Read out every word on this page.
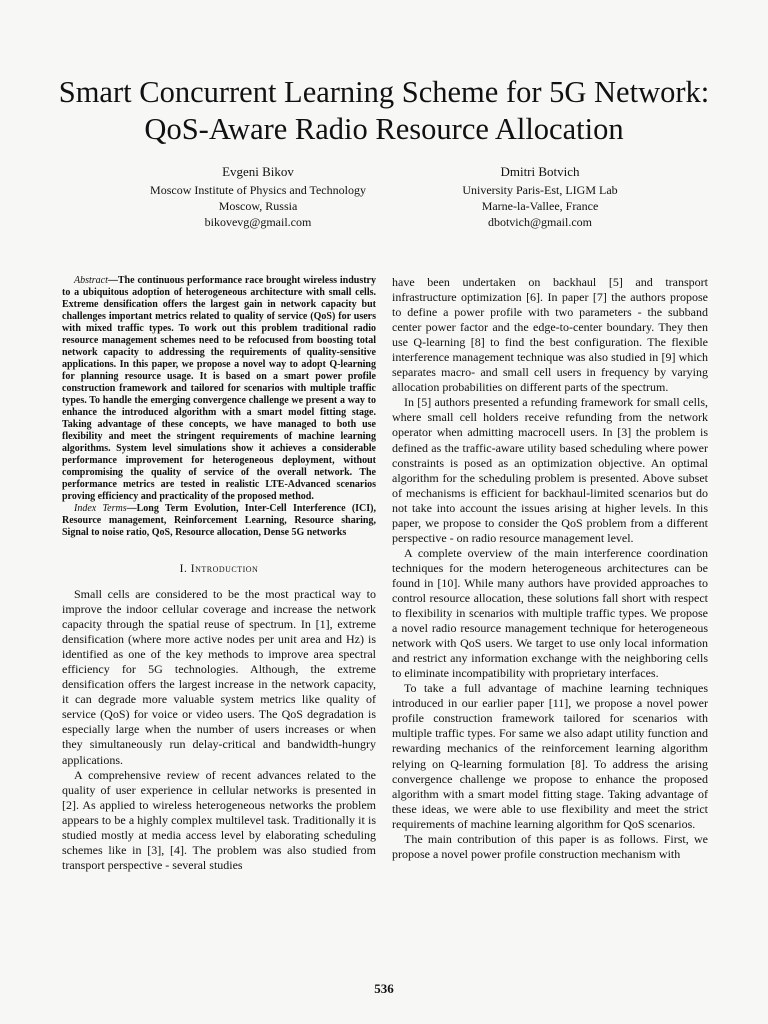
Smart Concurrent Learning Scheme for 5G Network: QoS-Aware Radio Resource Allocation
Evgeni Bikov
Moscow Institute of Physics and Technology
Moscow, Russia
bikovevg@gmail.com
Dmitri Botvich
University Paris-Est, LIGM Lab
Marne-la-Vallee, France
dbotvich@gmail.com

Abstract—The continuous performance race brought wireless industry to a ubiquitous adoption of heterogeneous architecture with small cells. Extreme densification offers the largest gain in network capacity but challenges important metrics related to quality of service (QoS) for users with mixed traffic types. To work out this problem traditional radio resource management schemes need to be refocused from boosting total network capacity to addressing the requirements of quality-sensitive applications. In this paper, we propose a novel way to adopt Q-learning for planning resource usage. It is based on a smart power profile construction framework and tailored for scenarios with multiple traffic types. To handle the emerging convergence challenge we present a way to enhance the introduced algorithm with a smart model fitting stage. Taking advantage of these concepts, we have managed to both use flexibility and meet the stringent requirements of machine learning algorithms. System level simulations show it achieves a considerable performance improvement for heterogeneous deployment, without compromising the quality of service of the overall network. The performance metrics are tested in realistic LTE-Advanced scenarios proving efficiency and practicality of the proposed method.

Index Terms—Long Term Evolution, Inter-Cell Interference (ICI), Resource management, Reinforcement Learning, Resource sharing, Signal to noise ratio, QoS, Resource allocation, Dense 5G networks

I. Introduction

Small cells are considered to be the most practical way to improve the indoor cellular coverage and increase the network capacity through the spatial reuse of spectrum. In [1], extreme densification (where more active nodes per unit area and Hz) is identified as one of the key methods to improve area spectral efficiency for 5G technologies. Although, the extreme densification offers the largest increase in the network capacity, it can degrade more valuable system metrics like quality of service (QoS) for voice or video users. The QoS degradation is especially large when the number of users increases or when they simultaneously run delay-critical and bandwidth-hungry applications.

A comprehensive review of recent advances related to the quality of user experience in cellular networks is presented in [2]. As applied to wireless heterogeneous networks the problem appears to be a highly complex multilevel task. Traditionally it is studied mostly at media access level by elaborating scheduling schemes like in [3], [4]. The problem was also studied from transport perspective - several studies

have been undertaken on backhaul [5] and transport infrastructure optimization [6]. In paper [7] the authors propose to define a power profile with two parameters - the subband center power factor and the edge-to-center boundary. They then use Q-learning [8] to find the best configuration. The flexible interference management technique was also studied in [9] which separates macro- and small cell users in frequency by varying allocation probabilities on different parts of the spectrum.

In [5] authors presented a refunding framework for small cells, where small cell holders receive refunding from the network operator when admitting macrocell users. In [3] the problem is defined as the traffic-aware utility based scheduling where power constraints is posed as an optimization objective. An optimal algorithm for the scheduling problem is presented. Above subset of mechanisms is efficient for backhaul-limited scenarios but do not take into account the issues arising at higher levels. In this paper, we propose to consider the QoS problem from a different perspective - on radio resource management level.

A complete overview of the main interference coordination techniques for the modern heterogeneous architectures can be found in [10]. While many authors have provided approaches to control resource allocation, these solutions fall short with respect to flexibility in scenarios with multiple traffic types. We propose a novel radio resource management technique for heterogeneous network with QoS users. We target to use only local information and restrict any information exchange with the neighboring cells to eliminate incompatibility with proprietary interfaces.

To take a full advantage of machine learning techniques introduced in our earlier paper [11], we propose a novel power profile construction framework tailored for scenarios with multiple traffic types. For same we also adapt utility function and rewarding mechanics of the reinforcement learning algorithm relying on Q-learning formulation [8]. To address the arising convergence challenge we propose to enhance the proposed algorithm with a smart model fitting stage. Taking advantage of these ideas, we were able to use flexibility and meet the strict requirements of machine learning algorithm for QoS scenarios.

The main contribution of this paper is as follows. First, we propose a novel power profile construction mechanism with

536
